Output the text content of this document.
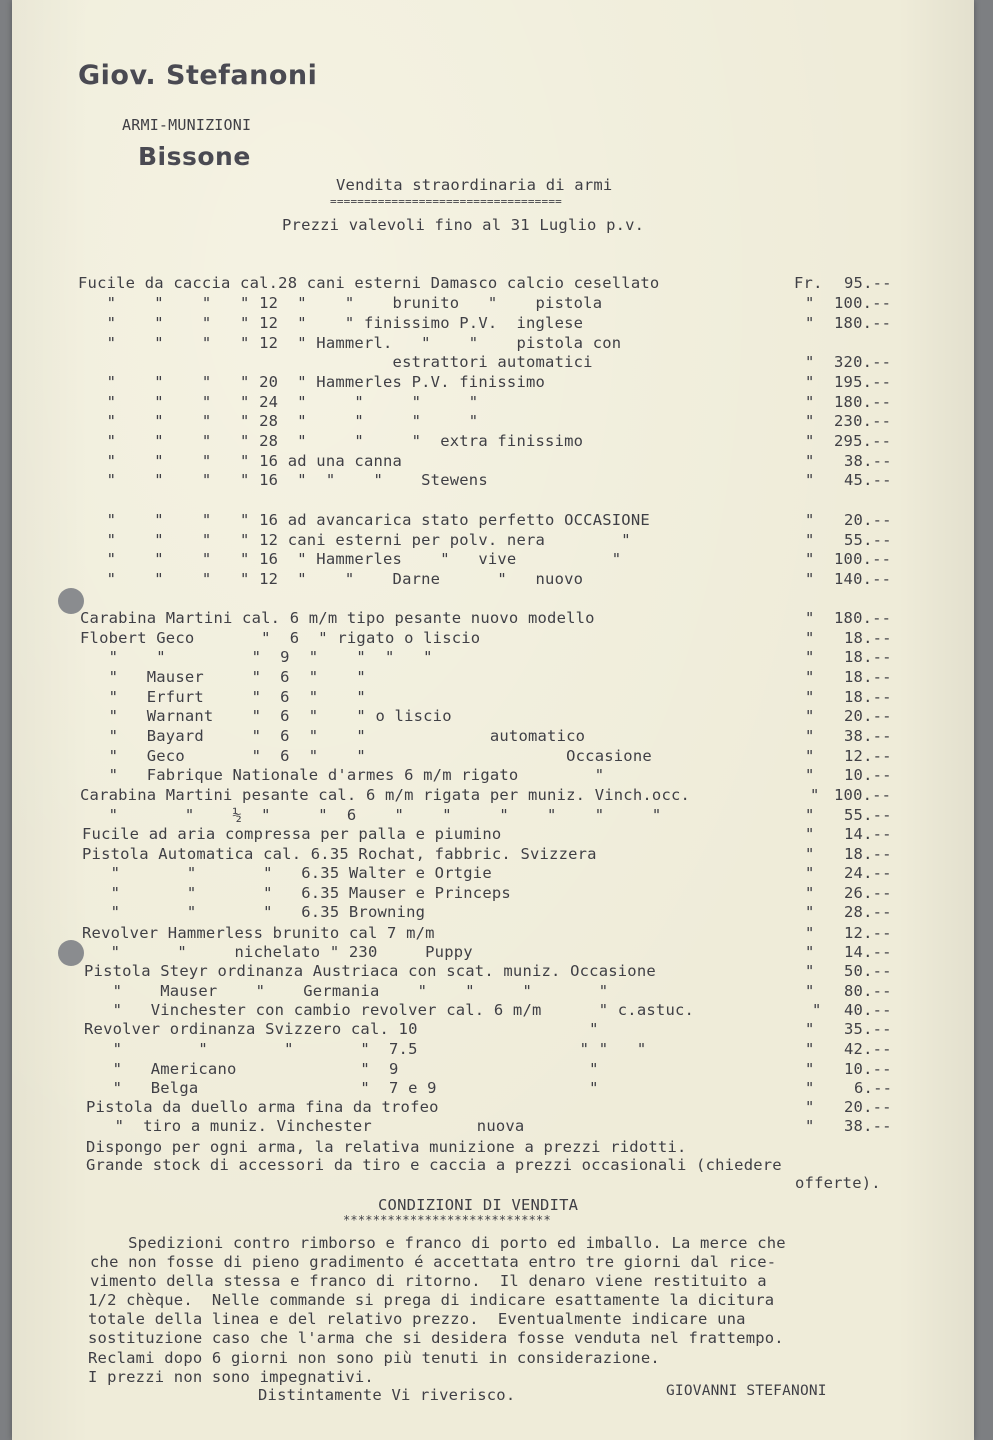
Giov. Stefanoni
ARMI-MUNIZIONI
Bissone
Vendita straordinaria di armi
==================================
Prezzi valevoli fino al 31 Luglio p.v.
Fucile da caccia cal.28 cani esterni Damasco calcio cesellato	Fr. 95.--
"    "    "   " 12  "    "    brunito   "    pistola	" 100.--
"    "    "   " 12  "    " finissimo P.V.  inglese	" 180.--
"    "    "   " 12  " Hammerl.   "    "    pistola con
estrattori automatici	" 320.--
"    "    "   " 20  " Hammerles P.V. finissimo	" 195.--
"    "    "   " 24  "     "     "     "	" 180.--
"    "    "   " 28  "     "     "     "	" 230.--
"    "    "   " 28  "     "     "  extra finissimo	" 295.--
"    "    "   " 16 ad una canna	" 38.--
"    "    "   " 16  "  "    "    Stewens	" 45.--
"    "    "   " 16 ad avancarica stato perfetto OCCASIONE	" 20.--
"    "    "   " 12 cani esterni per polv. nera        "	" 55.--
"    "    "   " 16  " Hammerles    "   vive          "	" 100.--
"    "    "   " 12  "    "    Darne      "   nuovo	" 140.--
Carabina Martini cal. 6 m/m tipo pesante nuovo modello	" 180.--
Flobert Geco       "  6  " rigato o liscio	" 18.--
"    "         "  9  "    "  "   "	" 18.--
"   Mauser     "  6  "    "	" 18.--
"   Erfurt     "  6  "    "	" 18.--
"   Warnant    "  6  "    " o liscio	" 20.--
"   Bayard     "  6  "    "             automatico	" 38.--
"   Geco       "  6  "    "                     Occasione	" 12.--
"   Fabrique Nationale d'armes 6 m/m rigato        "	" 10.--
Carabina Martini pesante cal. 6 m/m rigata per muniz. Vinch.occ.	" 100.--
"       "    ½  "     "  6    "    "     "    "    "     "	" 55.--
Fucile ad aria compressa per palla e piumino	" 14.--
Pistola Automatica cal. 6.35 Rochat, fabbric. Svizzera	" 18.--
"       "       "   6.35 Walter e Ortgie	" 24.--
"       "       "   6.35 Mauser e Princeps	" 26.--
"       "       "   6.35 Browning	" 28.--
Revolver Hammerless brunito cal 7 m/m	" 12.--
"      "     nichelato " 230     Puppy	" 14.--
Pistola Steyr ordinanza Austriaca con scat. muniz. Occasione	" 50.--
"    Mauser    "    Germania    "    "     "       "	" 80.--
"   Vinchester con cambio revolver cal. 6 m/m      " c.astuc.	" 40.--
Revolver ordinanza Svizzero cal. 10                  "	" 35.--
"        "        "       "  7.5                 " "   "	" 42.--
"   Americano             "  9                    "	" 10.--
"   Belga                 "  7 e 9                "	"	6.--
Pistola da duello arma fina da trofeo	" 20.--
"  tiro a muniz. Vinchester           nuova	" 38.--
Dispongo per ogni arma, la relativa munizione a prezzi ridotti.
Grande stock di accessori da tiro e caccia a prezzi occasionali (chiedere
offerte).
CONDIZIONI DI VENDITA
****************************
Spedizioni contro rimborso e franco di porto ed imballo. La merce che
che non fosse di pieno gradimento é accettata entro tre giorni dal rice-
vimento della stessa e franco di ritorno.  Il denaro viene restituito a
1/2 chèque.  Nelle commande si prega di indicare esattamente la dicitura
totale della linea e del relativo prezzo.  Eventualmente indicare una
sostituzione caso che l'arma che si desidera fosse venduta nel frattempo.
Reclami dopo 6 giorni non sono più tenuti in considerazione.
I prezzi non sono impegnativi.
Distintamente Vi riverisco.	GIOVANNI STEFANONI
